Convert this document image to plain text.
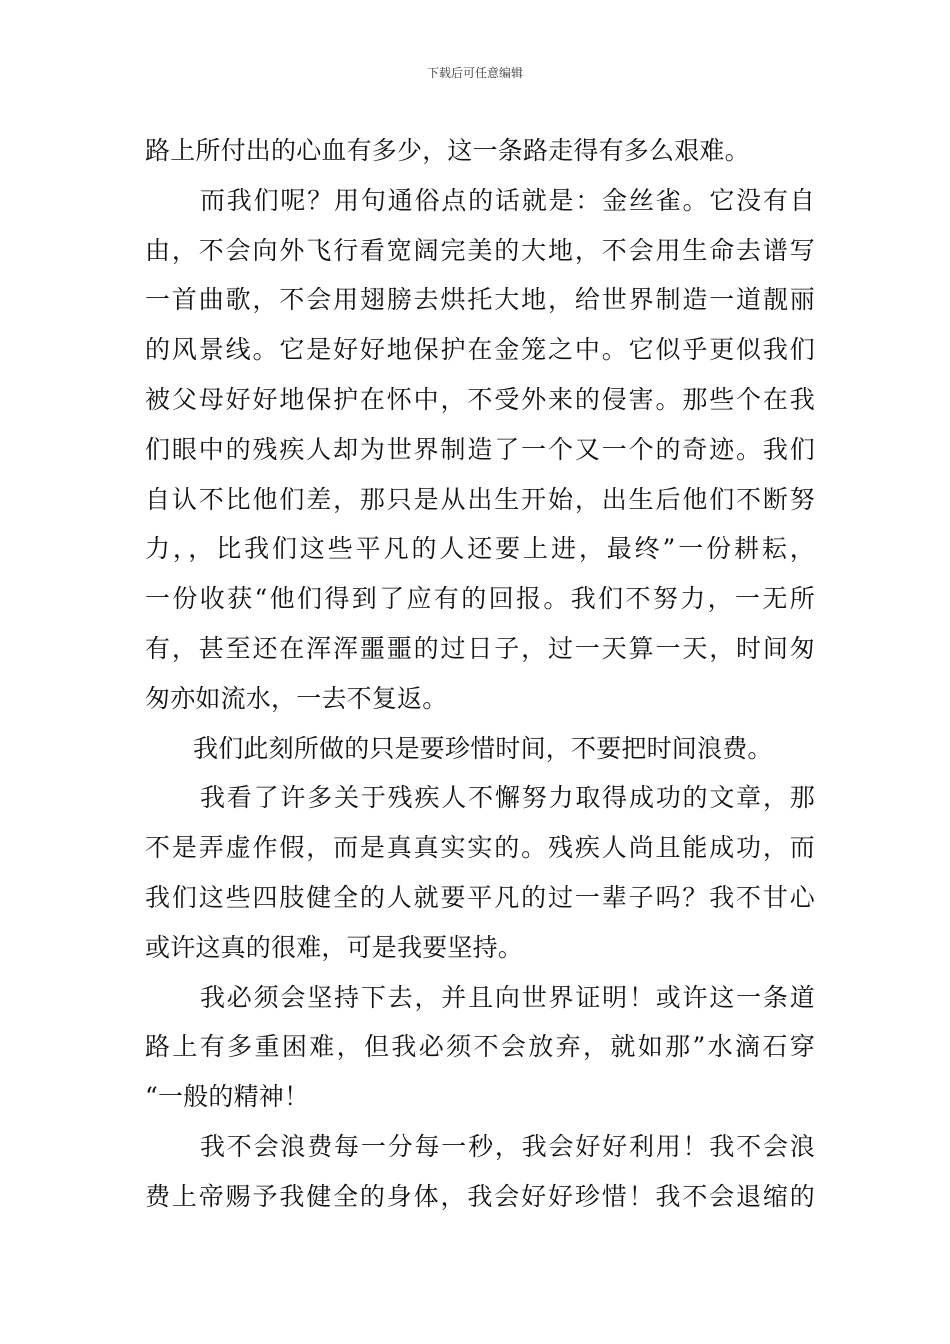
下载后可任意编辑
路上所付出的心血有多少，这一条路走得有多么艰难。
而我们呢？用句通俗点的话就是：金丝雀。它没有自
由，不会向外飞行看宽阔完美的大地，不会用生命去谱写
一首曲歌，不会用翅膀去烘托大地，给世界制造一道靓丽
的风景线。它是好好地保护在金笼之中。它似乎更似我们
被父母好好地保护在怀中，不受外来的侵害。那些个在我
们眼中的残疾人却为世界制造了一个又一个的奇迹。我们
自认不比他们差，那只是从出生开始，出生后他们不断努
力，，比我们这些平凡的人还要上进，最终”一份耕耘，
一份收获“他们得到了应有的回报。我们不努力，一无所
有，甚至还在浑浑噩噩的过日子，过一天算一天，时间匆
匆亦如流水，一去不复返。
我们此刻所做的只是要珍惜时间，不要把时间浪费。
我看了许多关于残疾人不懈努力取得成功的文章，那
不是弄虚作假，而是真真实实的。残疾人尚且能成功，而
我们这些四肢健全的人就要平凡的过一辈子吗？我不甘心
或许这真的很难，可是我要坚持。
我必须会坚持下去，并且向世界证明！或许这一条道
路上有多重困难，但我必须不会放弃，就如那”水滴石穿
“一般的精神！
我不会浪费每一分每一秒，我会好好利用！我不会浪
费上帝赐予我健全的身体，我会好好珍惜！我不会退缩的
